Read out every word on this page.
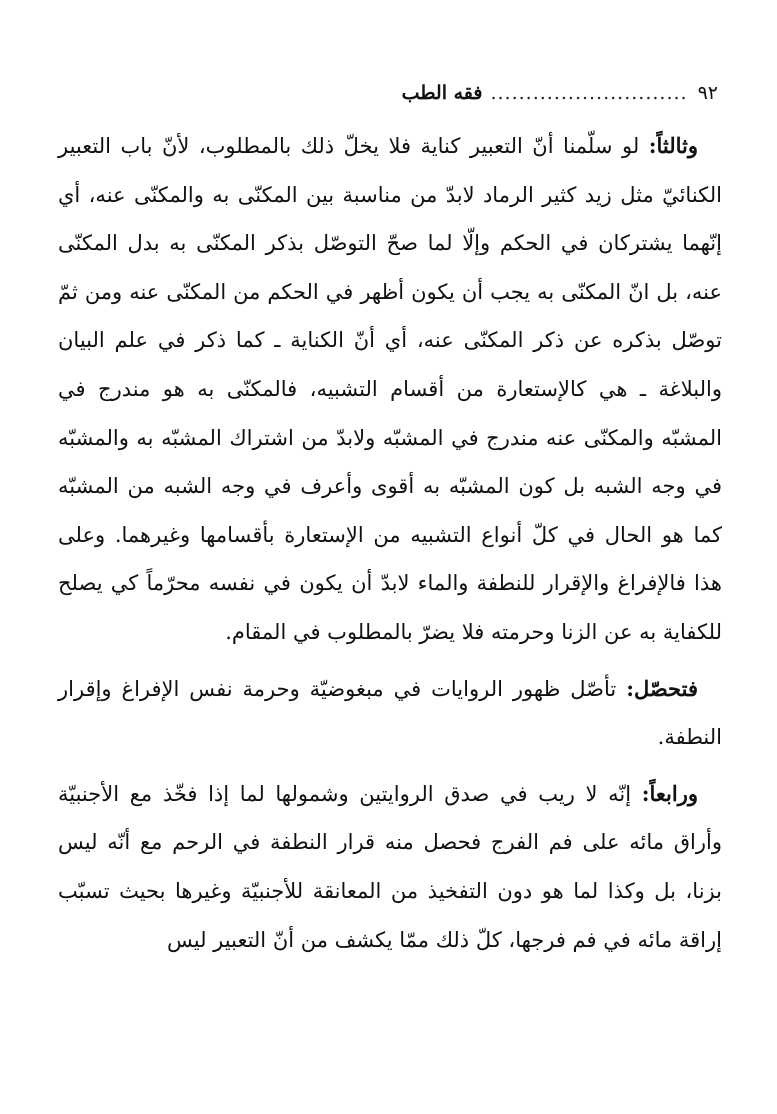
٩٢
............................
فقه الطب

وثالثاً: لو سلّمنا أنّ التعبير كناية فلا يخلّ ذلك بالمطلوب، لأنّ باب التعبير الكنائيّ مثل زيد كثير الرماد لابدّ من مناسبة بين المكنّى به والمكنّى عنه، أي إنّهما يشتركان في الحكم وإلّا لما صحّ التوصّل بذكر المكنّى به بدل المكنّى عنه، بل انّ المكنّى به يجب أن يكون أظهر في الحكم من المكنّى عنه ومن ثمّ توصّل بذكره عن ذكر المكنّى عنه، أي أنّ الكناية ـ كما ذكر في علم البيان والبلاغة ـ هي كالإستعارة من أقسام التشبيه، فالمكنّى به هو مندرج في المشبّه والمكنّى عنه مندرج في المشبّه ولابدّ من اشتراك المشبّه به والمشبّه في وجه الشبه بل كون المشبّه به أقوى وأعرف في وجه الشبه من المشبّه كما هو الحال في كلّ أنواع التشبيه من الإستعارة بأقسامها وغيرهما. وعلى هذا فالإفراغ والإقرار للنطفة والماء لابدّ أن يكون في نفسه محرّماً كي يصلح للكفاية به عن الزنا وحرمته فلا يضرّ بالمطلوب في المقام.

فتحصّل: تأصّل ظهور الروايات في مبغوضيّة وحرمة نفس الإفراغ وإقرار النطفة.

ورابعاً: إنّه لا ريب في صدق الروايتين وشمولها لما إذا فخّذ مع الأجنبيّة وأراق مائه على فم الفرج فحصل منه قرار النطفة في الرحم مع أنّه ليس بزنا، بل وكذا لما هو دون التفخيذ من المعانقة للأجنبيّة وغيرها بحيث تسبّب إراقة مائه في فم فرجها، كلّ ذلك ممّا يكشف من أنّ التعبير ليس
